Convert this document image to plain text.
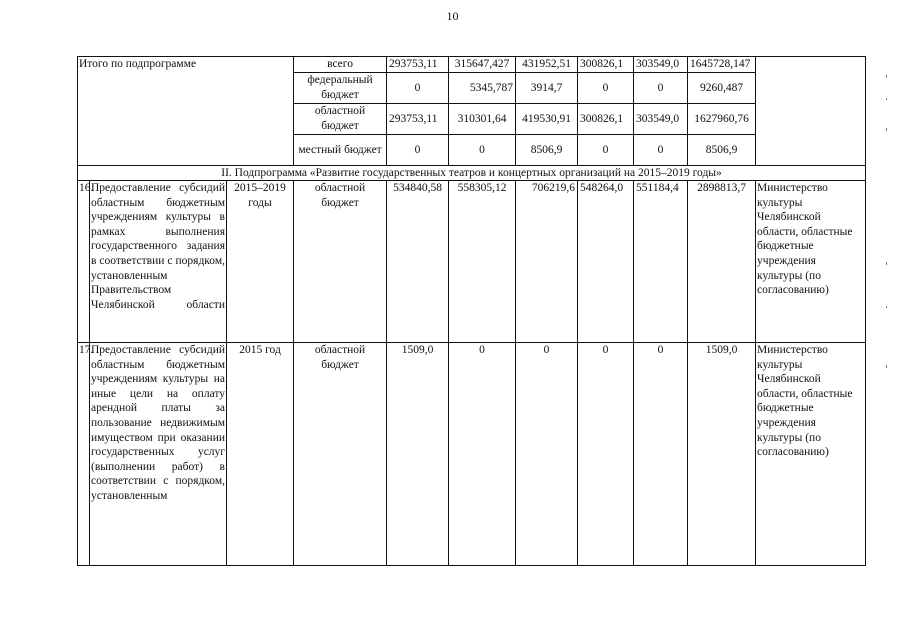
10
Итого по подпрограмме			всего	293753,11	315647,427	431952,51	300826,1	303549,0	1645728,147	
			федеральный бюджет	0	5345,787	3914,7	0	0	9260,487	
			областной бюджет	293753,11	310301,64	419530,91	300826,1	303549,0	1627960,76	
			местный бюджет	0	0	8506,9	0	0	8506,9	

II. Подпрограмма «Развитие государственных театров и концертных организаций на 2015–2019 годы»										

16.	Предоставление субсидий областным бюджетным учреждениям культуры в рамках выполнения государственного задания в соответствии с порядком, установленным Правительством Челябинской области	2015–2019 годы	областной бюджет	534840,58	558305,12	706219,6	548264,0	551184,4	2898813,7	Министерство культуры Челябинской области, областные бюджетные учреждения культуры (по согласованию)
17.	Предоставление субсидий областным бюджетным учреждениям культуры на иные цели на оплату арендной платы за пользование недвижимым имуществом при оказании государственных услуг (выполнении работ) в соответствии с порядком, установленным	2015 год	областной бюджет	1509,0	0	0	0	0	1509,0	Министерство культуры Челябинской области, областные бюджетные учреждения культуры (по согласованию)
